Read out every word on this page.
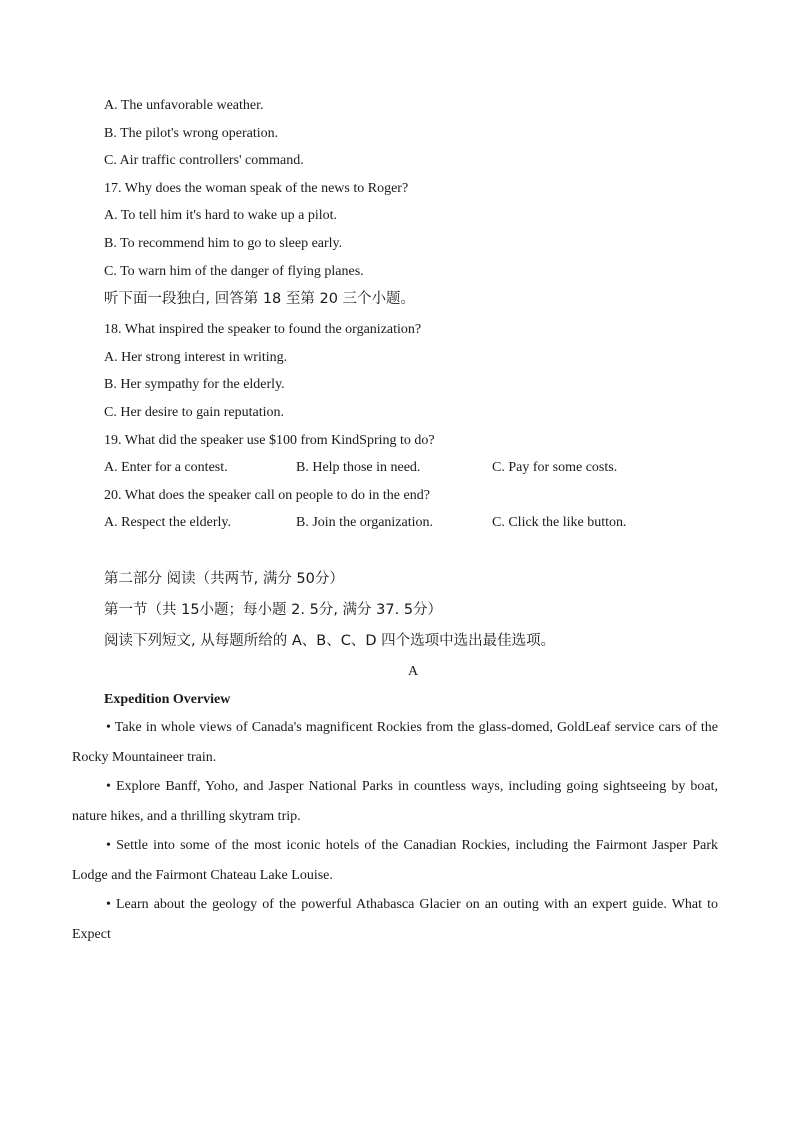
A. The unfavorable weather.
B. The pilot's wrong operation.
C. Air traffic controllers' command.
17. Why does the woman speak of the news to Roger?
A. To tell him it's hard to wake up a pilot.
B. To recommend him to go to sleep early.
C. To warn him of the danger of flying planes.
听下面一段独白, 回答第 18 至第 20 三个小题。
18. What inspired the speaker to found the organization?
A. Her strong interest in writing.
B. Her sympathy for the elderly.
C. Her desire to gain reputation.
19. What did the speaker use $100 from KindSpring to do?
A. Enter for a contest.	B. Help those in need.	C. Pay for some costs.
20. What does the speaker call on people to do in the end?
A. Respect the elderly.	B. Join the organization.	C. Click the like button.
第二部分 阅读（共两节, 满分 50分）
第一节（共 15小题；每小题 2. 5分, 满分 37. 5分）
阅读下列短文, 从每题所给的 A、B、C、D 四个选项中选出最佳选项。
A
Expedition Overview

• Take in whole views of Canada's magnificent Rockies from the glass-domed, GoldLeaf service cars of the Rocky Mountaineer train.

• Explore Banff, Yoho, and Jasper National Parks in countless ways, including going sightseeing by boat, nature hikes, and a thrilling skytram trip.

• Settle into some of the most iconic hotels of the Canadian Rockies, including the Fairmont Jasper Park Lodge and the Fairmont Chateau Lake Louise.

• Learn about the geology of the powerful Athabasca Glacier on an outing with an expert guide. What to Expect
